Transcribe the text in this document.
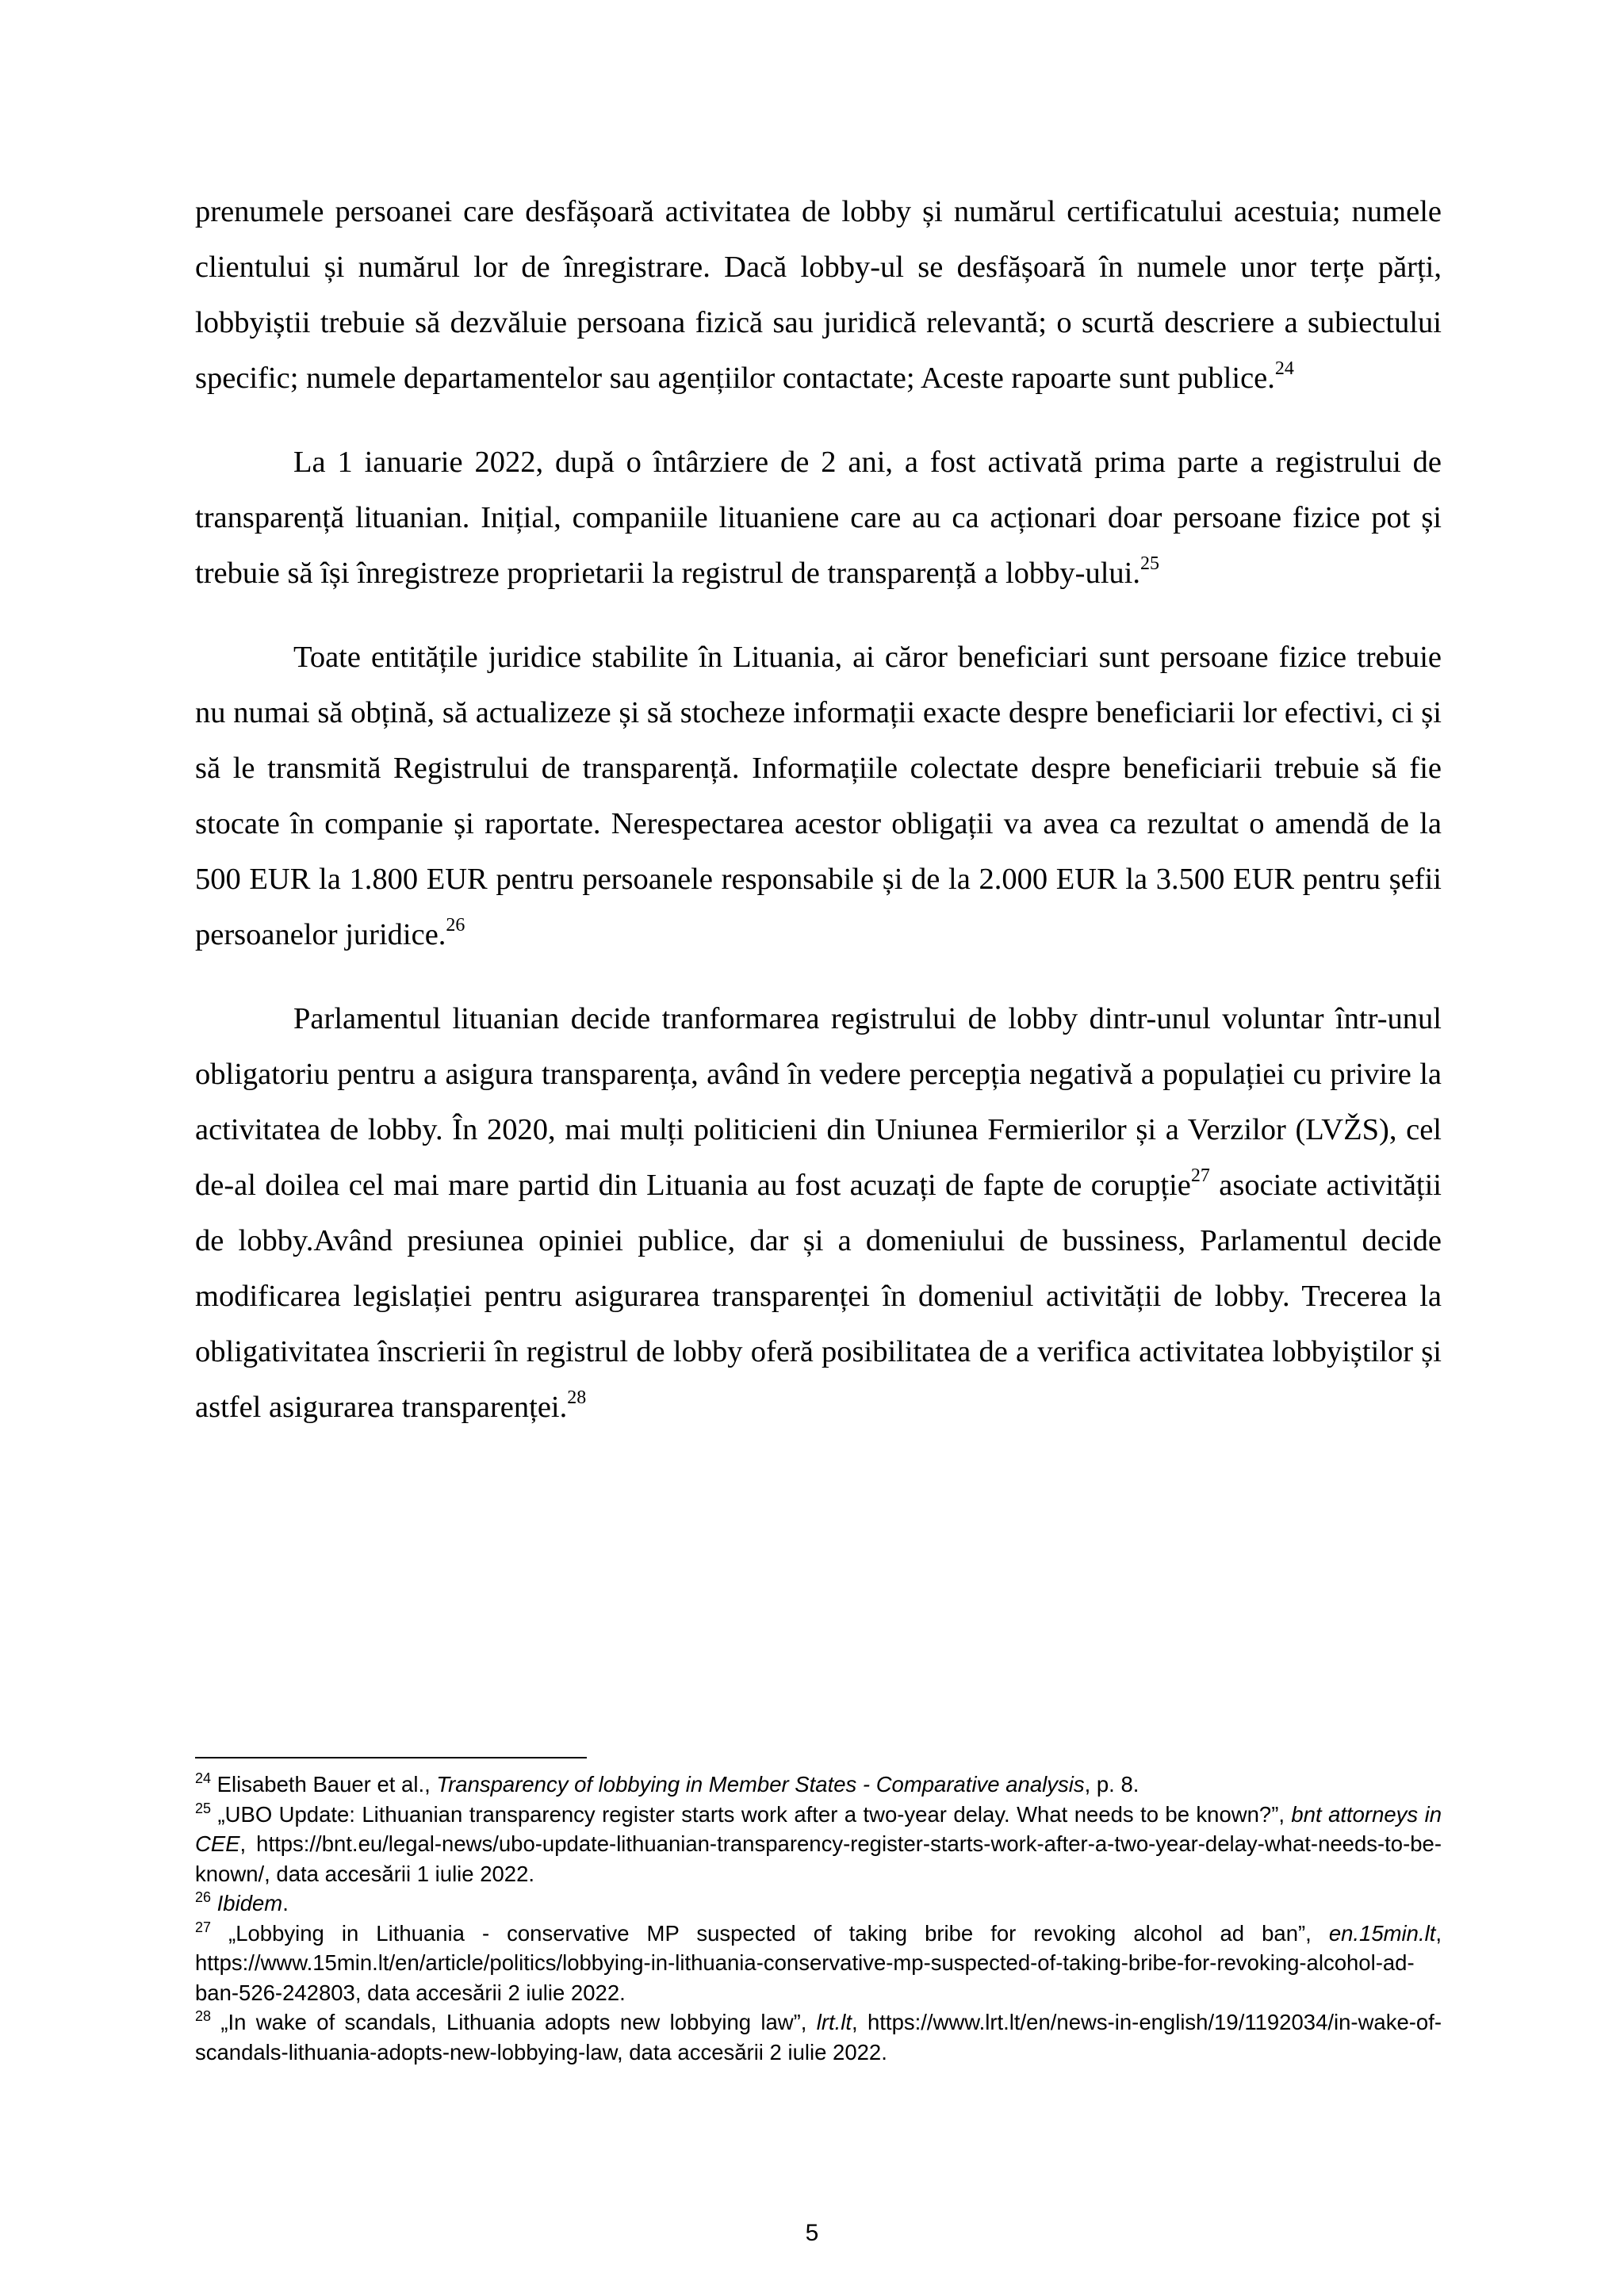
prenumele persoanei care desfășoară activitatea de lobby și numărul certificatului acestuia; numele clientului și numărul lor de înregistrare. Dacă lobby-ul se desfășoară în numele unor terțe părți, lobbyiștii trebuie să dezvăluie persoana fizică sau juridică relevantă; o scurtă descriere a subiectului specific; numele departamentelor sau agențiilor contactate; Aceste rapoarte sunt publice.$^{24}$

La 1 ianuarie 2022, după o întârziere de 2 ani, a fost activată prima parte a registrului de transparență lituanian. Inițial, companiile lituaniene care au ca acționari doar persoane fizice pot și trebuie să își înregistreze proprietarii la registrul de transparență a lobby-ului.$^{25}$

Toate entitățile juridice stabilite în Lituania, ai căror beneficiari sunt persoane fizice trebuie nu numai să obțină, să actualizeze și să stocheze informații exacte despre beneficiarii lor efectivi, ci și să le transmită Registrului de transparență. Informațiile colectate despre beneficiarii trebuie să fie stocate în companie și raportate. Nerespectarea acestor obligații va avea ca rezultat o amendă de la 500 EUR la 1.800 EUR pentru persoanele responsabile și de la 2.000 EUR la 3.500 EUR pentru șefii persoanelor juridice.$^{26}$

Parlamentul lituanian decide tranformarea registrului de lobby dintr-unul voluntar într-unul obligatoriu pentru a asigura transparența, având în vedere percepția negativă a populației cu privire la activitatea de lobby. În 2020, mai mulți politicieni din Uniunea Fermierilor și a Verzilor (LVŽS), cel de-al doilea cel mai mare partid din Lituania au fost acuzați de fapte de corupție$^{27}$ asociate activității de lobby.Având presiunea opiniei publice, dar și a domeniului de bussiness, Parlamentul decide modificarea legislației pentru asigurarea transparenței în domeniul activității de lobby. Trecerea la obligativitatea înscrierii în registrul de lobby oferă posibilitatea de a verifica activitatea lobbyiștilor și astfel asigurarea transparenței.$^{28}$

$^{24}$ Elisabeth Bauer et al., Transparency of lobbying in Member States - Comparative analysis, p. 8.

$^{25}$ „UBO Update: Lithuanian transparency register starts work after a two-year delay. What needs to be known?”, bnt attorneys in CEE, https://bnt.eu/legal-news/ubo-update-lithuanian-transparency-register-starts-work-after-a-two-year-delay-what-needs-to-be-known/, data accesării 1 iulie 2022.

$^{26}$ Ibidem.

$^{27}$ „Lobbying in Lithuania - conservative MP suspected of taking bribe for revoking alcohol ad ban”, en.15min.lt, https://www.15min.lt/en/article/politics/lobbying-in-lithuania-conservative-mp-suspected-of-taking-bribe-for-revoking-alcohol-ad-ban-526-242803, data accesării 2 iulie 2022.

$^{28}$ „In wake of scandals, Lithuania adopts new lobbying law”, lrt.lt, https://www.lrt.lt/en/news-in-english/19/1192034/in-wake-of-scandals-lithuania-adopts-new-lobbying-law, data accesării 2 iulie 2022.

5
